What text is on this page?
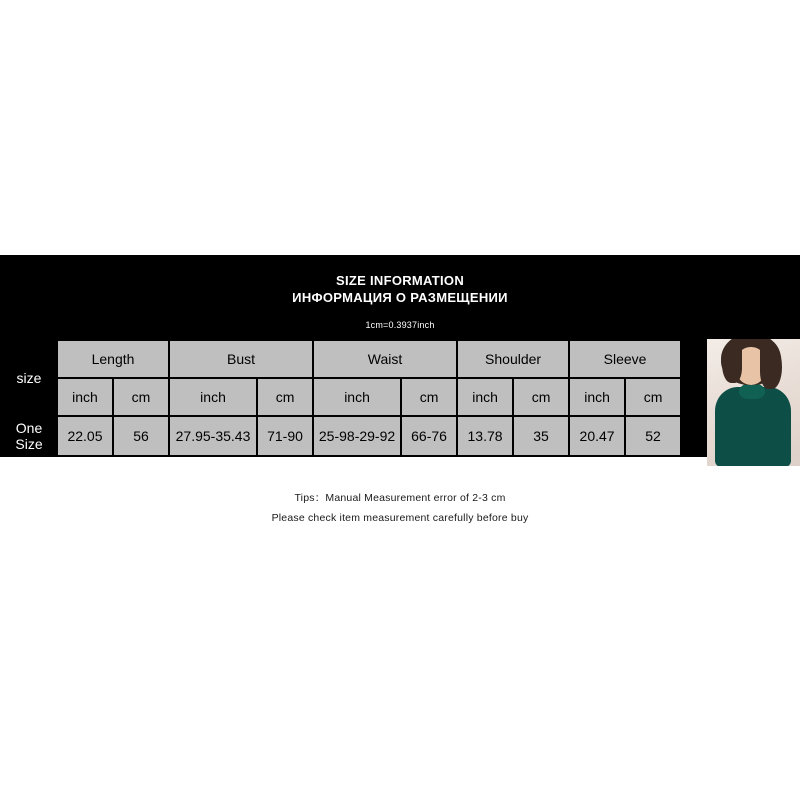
SIZE INFORMATION
ИНФОРМАЦИЯ О РАЗМЕЩЕНИИ
1cm=0.3937inch
size	Length		Bust		Waist		Shoulder		Sleeve		

	inch	cm	inch	cm	inch	cm	inch	cm	inch	cm	
One Size	22.05	56	27.95-35.43	71-90	25-98-29-92	66-76	13.78	35	20.47	52	
Tips：Manual Measurement error of 2-3 cm
Please check item measurement carefully before buy
